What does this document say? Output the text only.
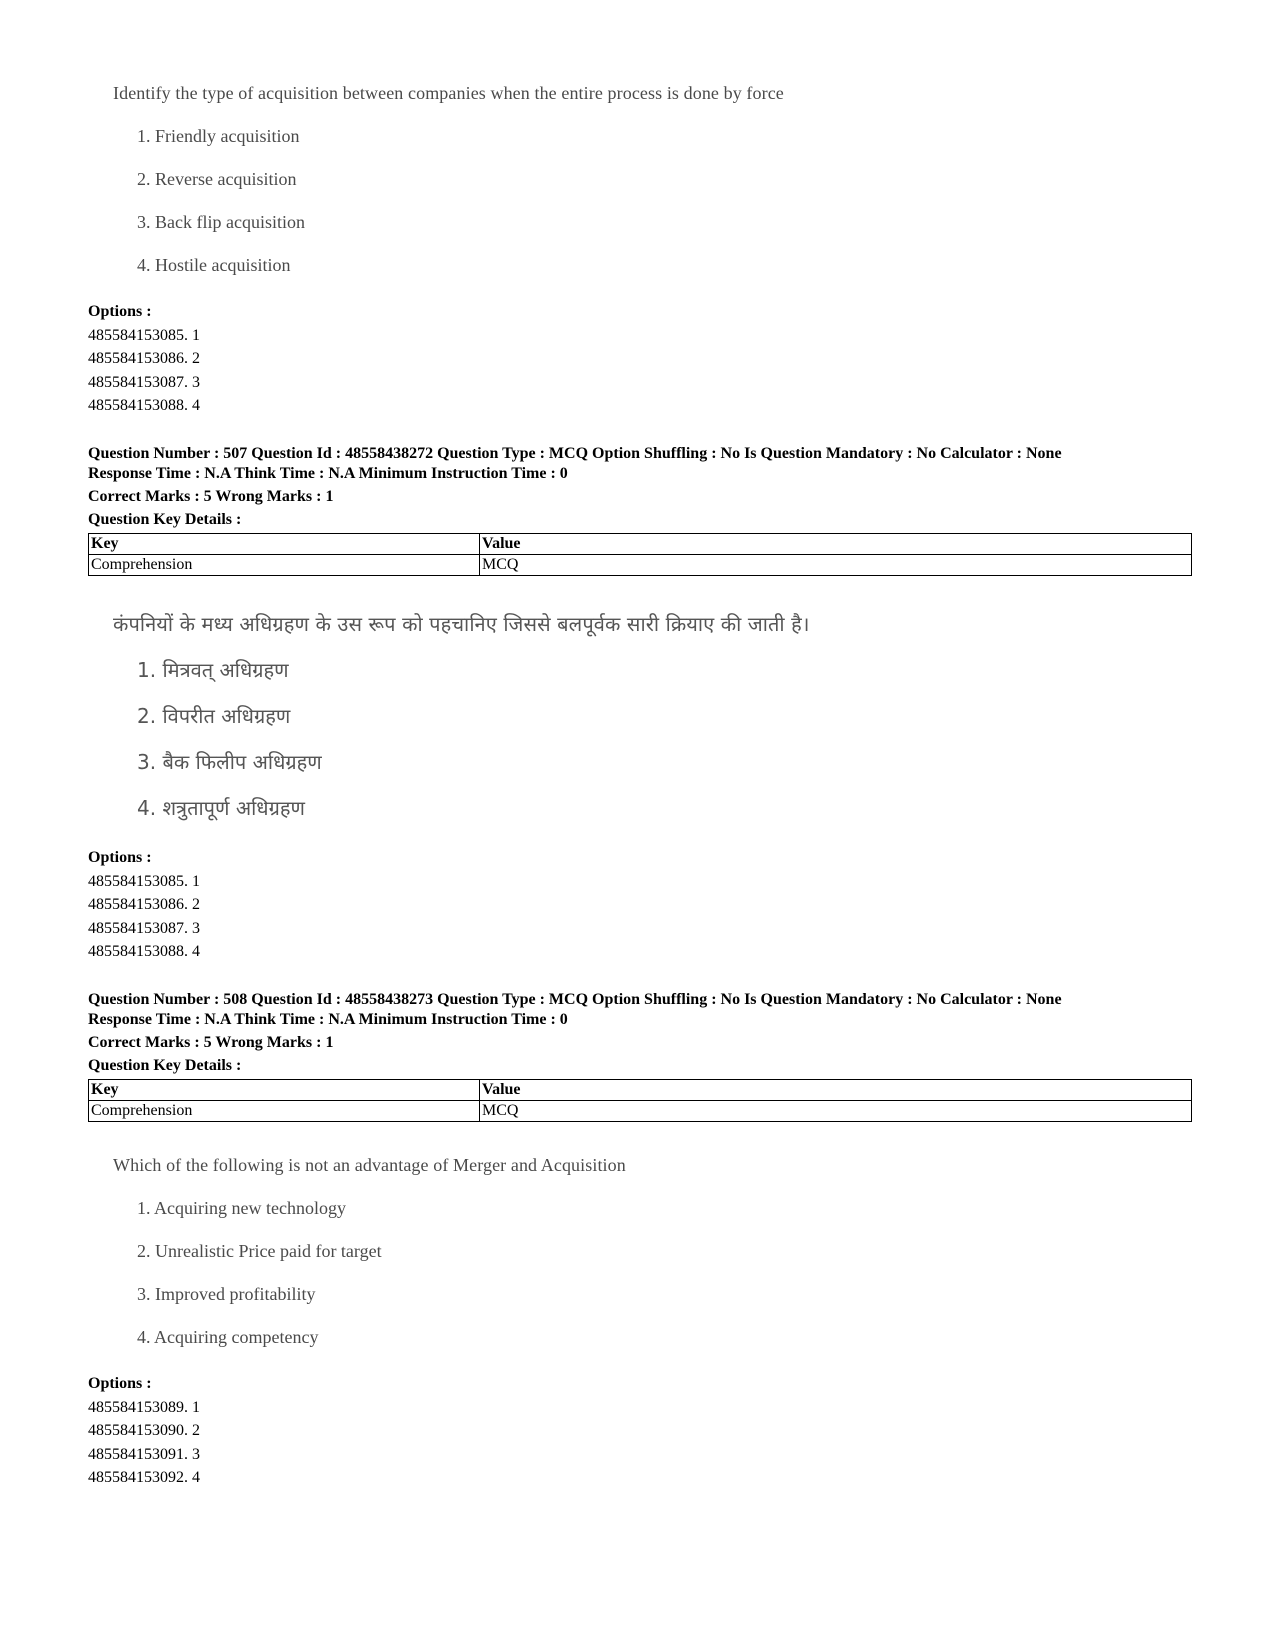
Identify the type of acquisition between companies when the entire process is done by force
1. Friendly acquisition
2. Reverse acquisition
3. Back flip acquisition
4. Hostile acquisition
Options :
485584153085. 1
485584153086. 2
485584153087. 3
485584153088. 4
Question Number : 507 Question Id : 48558438272 Question Type : MCQ Option Shuffling : No Is Question Mandatory : No Calculator : None
Response Time : N.A Think Time : N.A Minimum Instruction Time : 0
Correct Marks : 5 Wrong Marks : 1
Question Key Details :
Key	Value
Comprehension	MCQ
कंपनियों के मध्य अधिग्रहण के उस रूप को पहचानिए जिससे बलपूर्वक सारी क्रियाए की जाती है।
1. मित्रवत् अधिग्रहण
2. विपरीत अधिग्रहण
3. बैक फिलीप अधिग्रहण
4. शत्रुतापूर्ण अधिग्रहण
Options :
485584153085. 1
485584153086. 2
485584153087. 3
485584153088. 4
Question Number : 508 Question Id : 48558438273 Question Type : MCQ Option Shuffling : No Is Question Mandatory : No Calculator : None
Response Time : N.A Think Time : N.A Minimum Instruction Time : 0
Correct Marks : 5 Wrong Marks : 1
Question Key Details :
Key	Value
Comprehension	MCQ
Which of the following is not an advantage of Merger and Acquisition
1. Acquiring new technology
2. Unrealistic Price paid for target
3. Improved profitability
4. Acquiring competency
Options :
485584153089. 1
485584153090. 2
485584153091. 3
485584153092. 4
